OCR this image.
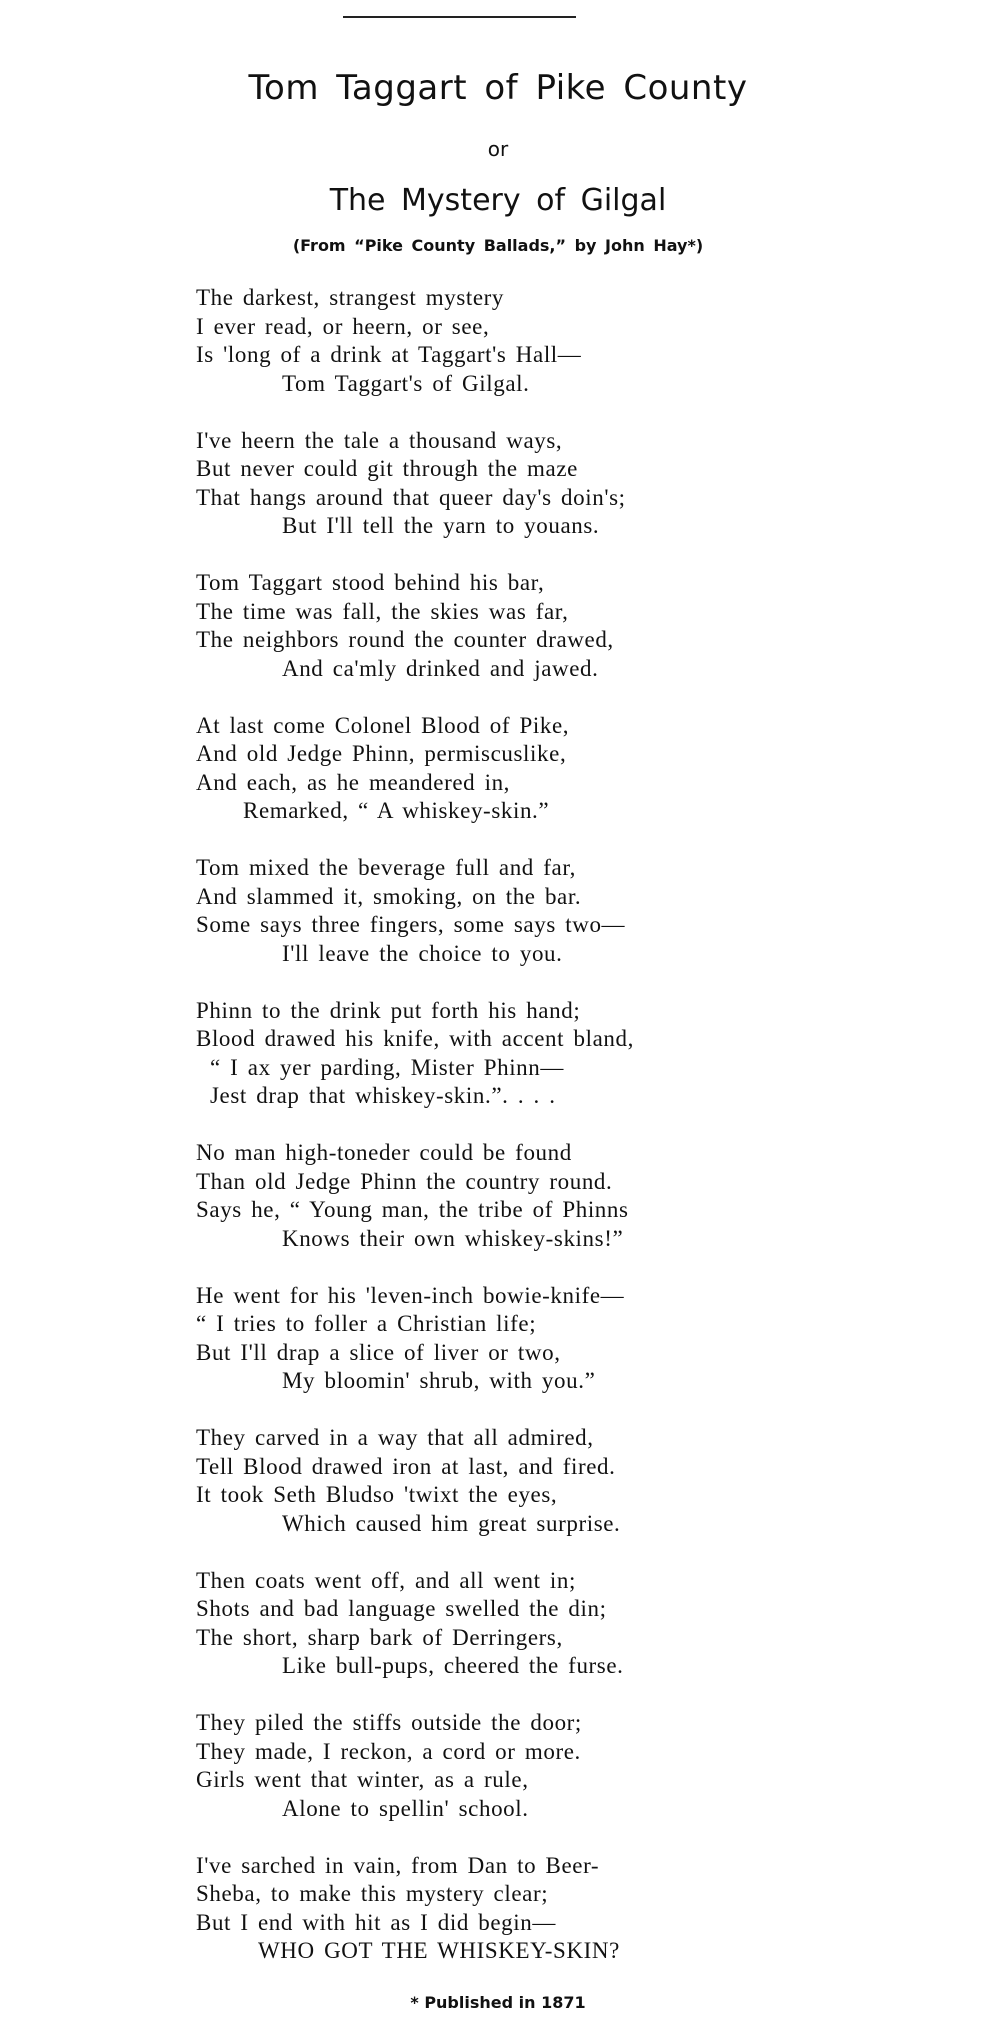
Tom Taggart of Pike County
or
The Mystery of Gilgal
(From “Pike County Ballads,” by John Hay*)
The darkest, strangest mystery
I ever read, or heern, or see,
Is 'long of a drink at Taggart's Hall—
Tom Taggart's of Gilgal.
I've heern the tale a thousand ways,
But never could git through the maze
That hangs around that queer day's doin's;
But I'll tell the yarn to youans.
Tom Taggart stood behind his bar,
The time was fall, the skies was far,
The neighbors round the counter drawed,
And ca'mly drinked and jawed.
At last come Colonel Blood of Pike,
And old Jedge Phinn, permiscuslike,
And each, as he meandered in,
Remarked, “ A whiskey-skin.”
Tom mixed the beverage full and far,
And slammed it, smoking, on the bar.
Some says three fingers, some says two—
I'll leave the choice to you.
Phinn to the drink put forth his hand;
Blood drawed his knife, with accent bland,
“ I ax yer parding, Mister Phinn—
Jest drap that whiskey-skin.”. . . .
No man high-toneder could be found
Than old Jedge Phinn the country round.
Says he, “ Young man, the tribe of Phinns
Knows their own whiskey-skins!”
He went for his 'leven-inch bowie-knife—
“ I tries to foller a Christian life;
But I'll drap a slice of liver or two,
My bloomin' shrub, with you.”
They carved in a way that all admired,
Tell Blood drawed iron at last, and fired.
It took Seth Bludso 'twixt the eyes,
Which caused him great surprise.
Then coats went off, and all went in;
Shots and bad language swelled the din;
The short, sharp bark of Derringers,
Like bull-pups, cheered the furse.
They piled the stiffs outside the door;
They made, I reckon, a cord or more.
Girls went that winter, as a rule,
Alone to spellin' school.
I've sarched in vain, from Dan to Beer-
Sheba, to make this mystery clear;
But I end with hit as I did begin—
WHO GOT THE WHISKEY-SKIN?
* Published in 1871
